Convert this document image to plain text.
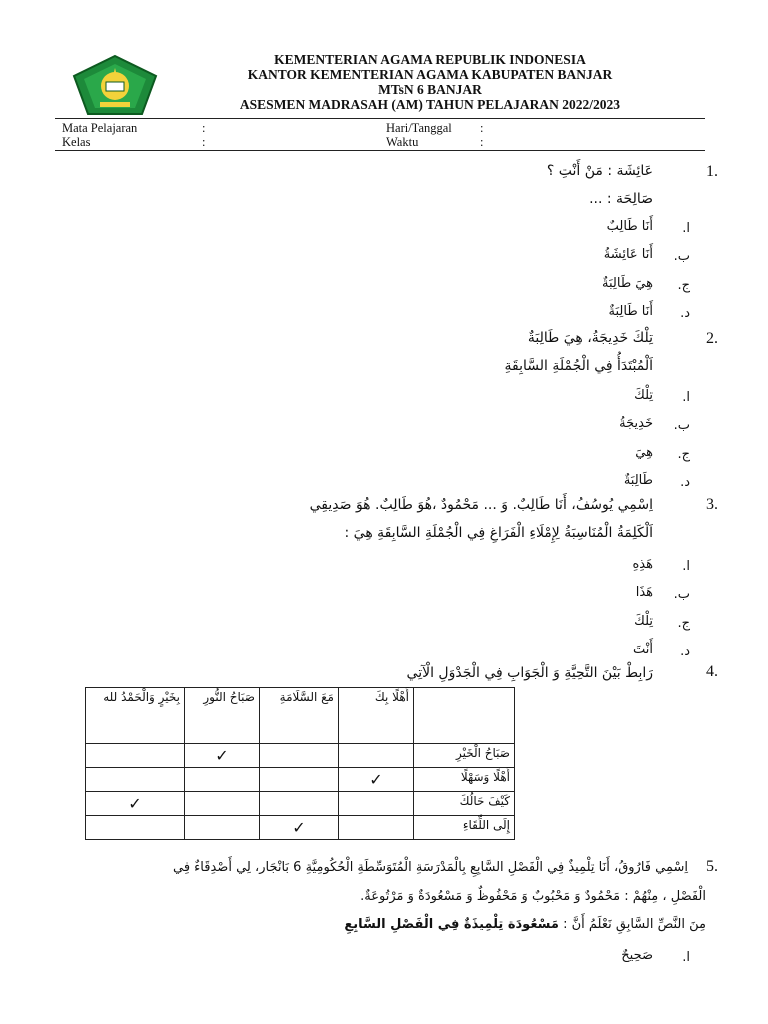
KEMENTERIAN AGAMA REPUBLIK INDONESIA
KANTOR KEMENTERIAN AGAMA KABUPATEN BANJAR
MTsN 6 BANJAR
ASESMEN MADRASAH (AM) TAHUN PELAJARAN 2022/2023
Mata Pelajaran	:	Hari/Tanggal :
Kelas	:	Waktu	:
1.
عَائِشَة : مَنْ أَنْتِ ؟
صَالِحَة : ...
ا.
أَنَا طَالِبٌ
ب.
أَنَا عَائِشَةُ
ج.
هِيَ طَالِبَةٌ
د.
أَنَا طَالِبَةٌ
2.
تِلْكَ خَدِيجَةُ، هِيَ طَالِبَةٌ
اَلْمُبْتَدَأُ فِي الْجُمْلَةِ السَّابِقَةِ
ا.
تِلْكَ
ب.
خَدِيجَةُ
ج.
هِيَ
د.
طَالِبَةٌ
3.
اِسْمِي يُوسُفُ، أَنَا طَالِبٌ. وَ ... مَحْمُودٌ ،هُوَ طَالِبٌ. هُوَ صَدِيقِي
اَلْكَلِمَةُ الْمُنَاسِبَةُ لِإِمْلَاءِ الْفَرَاغِ فِي الْجُمْلَةِ السَّابِقَةِ هِيَ :
ا.
هَذِهِ
ب.
هَذَا
ج.
تِلْكَ
د.
أَنْتَ
4.
رَابِطْ بَيْنَ التَّحِيَّةِ وَ الْجَوَابِ فِي الْجَدْوَلِ الْآتِي
	أَهْلًا بِكَ	مَعَ السَّلَامَةِ	صَبَاحُ النُّورِ	بِخَيْرٍ وَالْحَمْدُ لله
صَبَاحُ الْخَيْرِ			✓	
أَهْلًا وَسَهْلًا	✓			
كَيْفَ حَالُكَ				✓
إِلَى اللِّقَاءِ		✓		
5.
اِسْمِي فَارُوقُ، أَنَا تِلْمِيذٌ فِي الْفَصْلِ السَّابِعِ بِالْمَدْرَسَةِ الْمُتَوَسِّطَةِ الْحُكُومِيَّةِ 6 بَانْجَار، لِي أَصْدِقَاءٌ فِي
الْفَصْلِ ، مِنْهُمْ : مَحْمُودٌ وَ مَحْبُوبٌ وَ مَحْفُوظٌ وَ مَسْعُودَةٌ وَ مَرْتُوعَةٌ.
مِنَ النَّصِّ السَّابِقِ نَعْلَمُ أَنَّ : مَسْعُودَة تِلْمِيذَةٌ فِي الْفَصْلِ السَّابِعِ
ا.
صَحِيحٌ
